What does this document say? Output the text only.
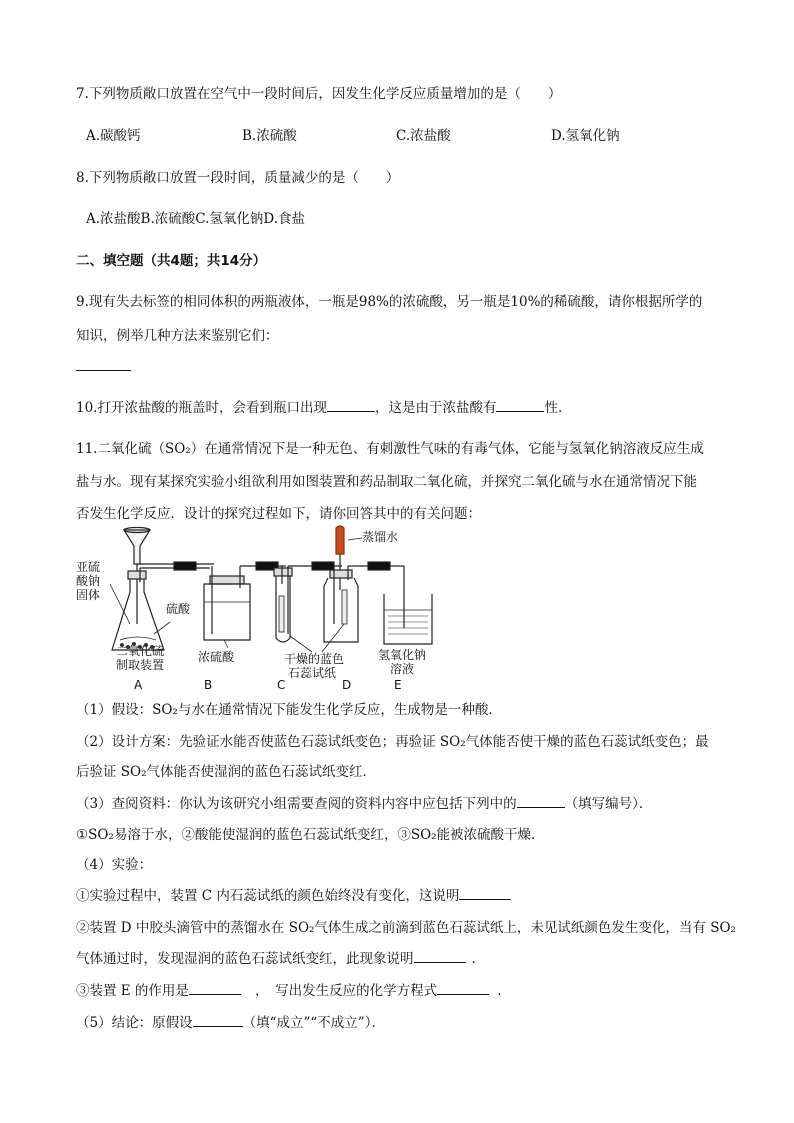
7.下列物质敞口放置在空气中一段时间后，因发生化学反应质量增加的是（　　）
A.碳酸钙	B.浓硫酸	C.浓盐酸	D.氢氧化钠
8.下列物质敞口放置一段时间，质量减少的是（　　）
A.浓盐酸B.浓硫酸C.氢氧化钠D.食盐
二、填空题（共4题；共14分）
9.现有失去标签的相同体积的两瓶液体，一瓶是98%的浓硫酸，另一瓶是10%的稀硫酸，请你根据所学的
知识，例举几种方法来鉴别它们：
10.打开浓盐酸的瓶盖时，会看到瓶口出现	，这是由于浓盐酸有	性.
11.二氧化硫（SO₂）在通常情况下是一种无色、有刺激性气味的有毒气体，它能与氢氧化钠溶液反应生成
盐与水。现有某探究实验小组欲利用如图装置和药品制取二氧化硫，并探究二氧化硫与水在通常情况下能
否发生化学反应．设计的探究过程如下，请你回答其中的有关问题：
亚硫
酸钠
固体
硫酸
二氧化硫
制取装置
浓硫酸	干燥的蓝色
石蕊试纸
蒸馏水
氢氧化钠
溶液
A	B	C	D	E
（1）假设：SO₂与水在通常情况下能发生化学反应，生成物是一种酸．
（2）设计方案：先验证水能否使蓝色石蕊试纸变色；再验证 SO₂气体能否使干燥的蓝色石蕊试纸变色；最
后验证 SO₂气体能否使湿润的蓝色石蕊试纸变红．
（3）查阅资料：你认为该研究小组需要查阅的资料内容中应包括下列中的	（填写编号）．
①SO₂易溶于水，②酸能使湿润的蓝色石蕊试纸变红，③SO₂能被浓硫酸干燥．
（4）实验：
①实验过程中，装置 C 内石蕊试纸的颜色始终没有变化，这说明
②装置 D 中胶头滴管中的蒸馏水在 SO₂气体生成之前滴到蓝色石蕊试纸上，未见试纸颜色发生变化，当有 SO₂
气体通过时，发现湿润的蓝色石蕊试纸变红，此现象说明	．
③装置 E 的作用是	，　写出发生反应的化学方程式	．
（5）结论：原假设	（填“成立”“不成立”）．
